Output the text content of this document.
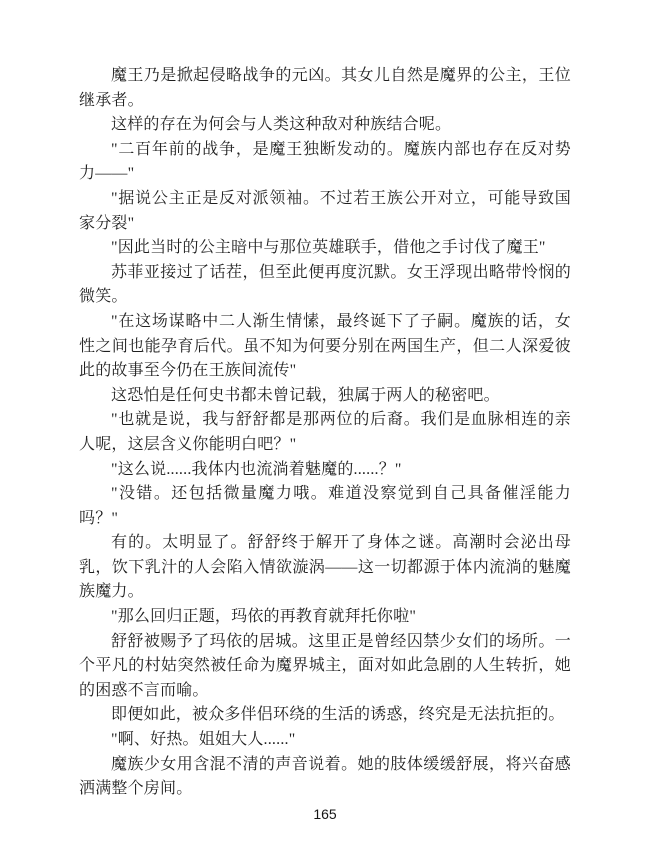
魔王乃是掀起侵略战争的元凶。其女儿自然是魔界的公主，王位继承者。

这样的存在为何会与人类这种敌对种族结合呢。

"二百年前的战争，是魔王独断发动的。魔族内部也存在反对势力——"

"据说公主正是反对派领袖。不过若王族公开对立，可能导致国家分裂"

"因此当时的公主暗中与那位英雄联手，借他之手讨伐了魔王"

苏菲亚接过了话茬，但至此便再度沉默。女王浮现出略带怜悯的微笑。

"在这场谋略中二人渐生情愫，最终诞下了子嗣。魔族的话，女性之间也能孕育后代。虽不知为何要分别在两国生产，但二人深爱彼此的故事至今仍在王族间流传"

这恐怕是任何史书都未曾记载，独属于两人的秘密吧。

"也就是说，我与舒舒都是那两位的后裔。我们是血脉相连的亲人呢，这层含义你能明白吧？"

"这么说......我体内也流淌着魅魔的......？"

"没错。还包括微量魔力哦。难道没察觉到自己具备催淫能力吗？"

有的。太明显了。舒舒终于解开了身体之谜。高潮时会泌出母乳，饮下乳汁的人会陷入情欲漩涡——这一切都源于体内流淌的魅魔族魔力。

"那么回归正题，玛依的再教育就拜托你啦"

舒舒被赐予了玛依的居城。这里正是曾经囚禁少女们的场所。一个平凡的村姑突然被任命为魔界城主，面对如此急剧的人生转折，她的困惑不言而喻。

即便如此，被众多伴侣环绕的生活的诱惑，终究是无法抗拒的。

"啊、好热。姐姐大人......"

魔族少女用含混不清的声音说着。她的肢体缓缓舒展，将兴奋感洒满整个房间。

165
